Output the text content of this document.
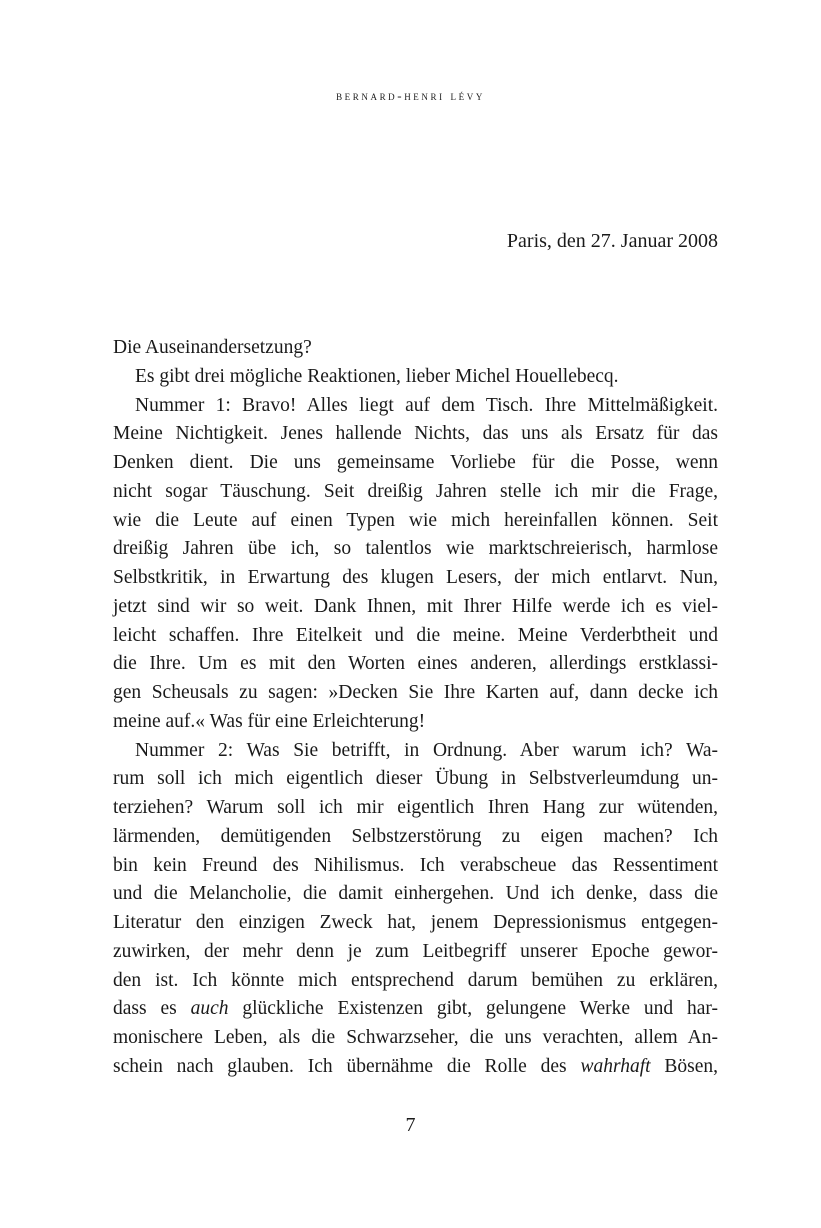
bernard-henri lévy
Paris, den 27. Januar 2008
Die Auseinandersetzung?
Es gibt drei mögliche Reaktionen, lieber Michel Houellebecq.
Nummer 1: Bravo! Alles liegt auf dem Tisch. Ihre Mittelmäßigkeit.
Meine Nichtigkeit. Jenes hallende Nichts, das uns als Ersatz für das
Denken dient. Die uns gemeinsame Vorliebe für die Posse, wenn
nicht sogar Täuschung. Seit dreißig Jahren stelle ich mir die Frage,
wie die Leute auf einen Typen wie mich hereinfallen können. Seit
dreißig Jahren übe ich, so talentlos wie marktschreierisch, harmlose
Selbstkritik, in Erwartung des klugen Lesers, der mich entlarvt. Nun,
jetzt sind wir so weit. Dank Ihnen, mit Ihrer Hilfe werde ich es viel-
leicht schaffen. Ihre Eitelkeit und die meine. Meine Verderbtheit und
die Ihre. Um es mit den Worten eines anderen, allerdings erstklassi-
gen Scheusals zu sagen: »Decken Sie Ihre Karten auf, dann decke ich
meine auf.« Was für eine Erleichterung!
Nummer 2: Was Sie betrifft, in Ordnung. Aber warum ich? Wa-
rum soll ich mich eigentlich dieser Übung in Selbstverleumdung un-
terziehen? Warum soll ich mir eigentlich Ihren Hang zur wütenden,
lärmenden, demütigenden Selbstzerstörung zu eigen machen? Ich
bin kein Freund des Nihilismus. Ich verabscheue das Ressentiment
und die Melancholie, die damit einhergehen. Und ich denke, dass die
Literatur den einzigen Zweck hat, jenem Depressionismus entgegen-
zuwirken, der mehr denn je zum Leitbegriff unserer Epoche gewor-
den ist. Ich könnte mich entsprechend darum bemühen zu erklären,
dass es auch glückliche Existenzen gibt, gelungene Werke und har-
monischere Leben, als die Schwarzseher, die uns verachten, allem An-
schein nach glauben. Ich übernähme die Rolle des wahrhaft Bösen,
7
